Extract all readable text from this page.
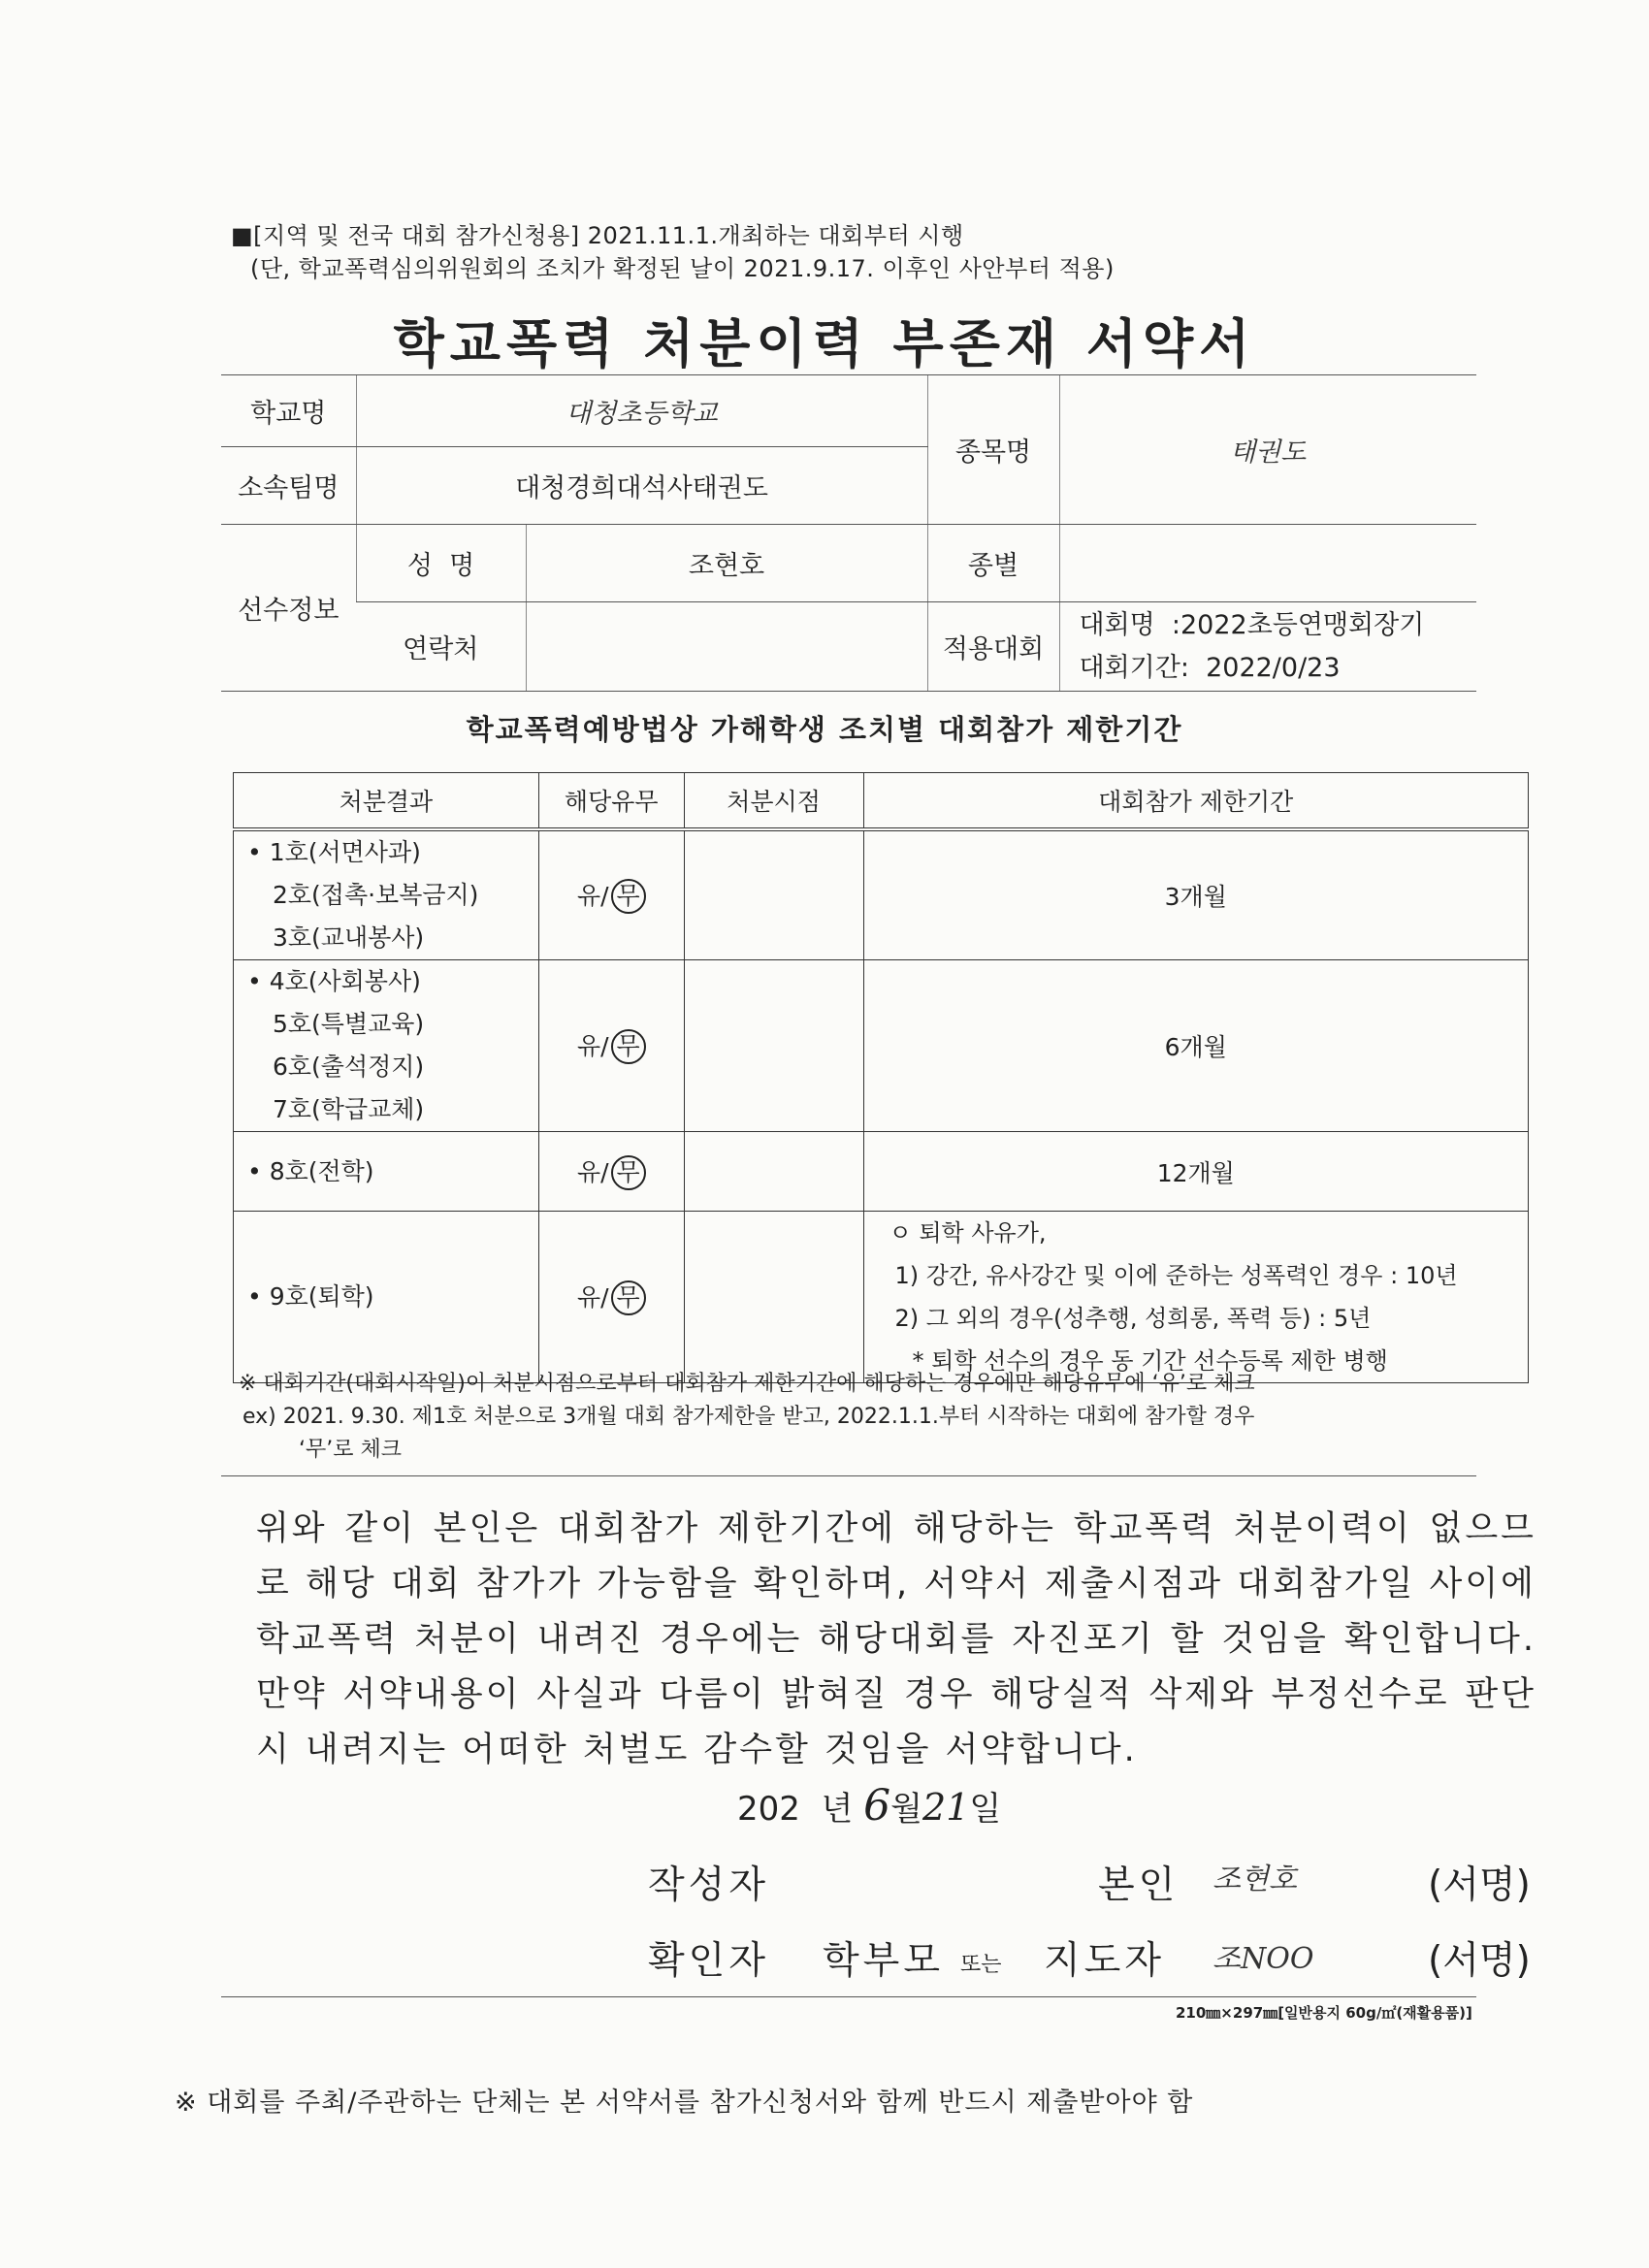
■[지역 및 전국 대회 참가신청용] 2021.11.1.개최하는 대회부터 시행
(단, 학교폭력심의위원회의 조치가 확정된 날이 2021.9.17. 이후인 사안부터 적용)
학교폭력 처분이력 부존재 서약서
학교명	대청초등학교		종목명	태권도
소속팀명	대청경희대석사태권도			
선수정보	성  명	조현호	종별	
	연락처		적용대회	대회명  :2022초등연맹회장기
대회기간:  2022/0/23
학교폭력예방법상 가해학생 조치별 대회참가 제한기간
처분결과	해당유무	처분시점	대회참가 제한기간

• 1호(서면사과)
2호(접촉·보복금지)
3호(교내봉사)	유/ 무		3개월

• 4호(사회봉사)
5호(특별교육)
6호(출석정지)
7호(학급교체)	유/ 무		6개월

• 8호(전학)	유/ 무		12개월

• 9호(퇴학)	유/ 무		ㅇ 퇴학 사유가,
1) 강간, 유사강간 및 이에 준하는 성폭력인 경우 : 10년
2) 그 외의 경우(성추행, 성희롱, 폭력 등) : 5년
* 퇴학 선수의 경우 동 기간 선수등록 제한 병행
※ 대회기간(대회시작일)이 처분시점으로부터 대회참가 제한기간에 해당하는 경우에만 해당유무에 ‘유’로 체크
ex) 2021. 9.30. 제1호 처분으로 3개월 대회 참가제한을 받고, 2022.1.1.부터 시작하는 대회에 참가할 경우
‘무’로 체크
위와 같이 본인은 대회참가 제한기간에 해당하는 학교폭력 처분이력이 없으므로 해당 대회 참가가 가능함을 확인하며, 서약서 제출시점과 대회참가일 사이에 학교폭력 처분이 내려진 경우에는 해당대회를 자진포기 할 것임을 확인합니다. 만약 서약내용이 사실과 다름이 밝혀질 경우 해당실적 삭제와 부정선수로 판단 시 내려지는 어떠한 처벌도 감수할 것임을 서약합니다.
202  년 6월21일
작성자	본인 조현호	(서명)
확인자 학부모 또는 지도자 조NOO	(서명)
210㎜×297㎜[일반용지 60g/㎡(재활용품)]
※ 대회를 주최/주관하는 단체는 본 서약서를 참가신청서와 함께 반드시 제출받아야 함
